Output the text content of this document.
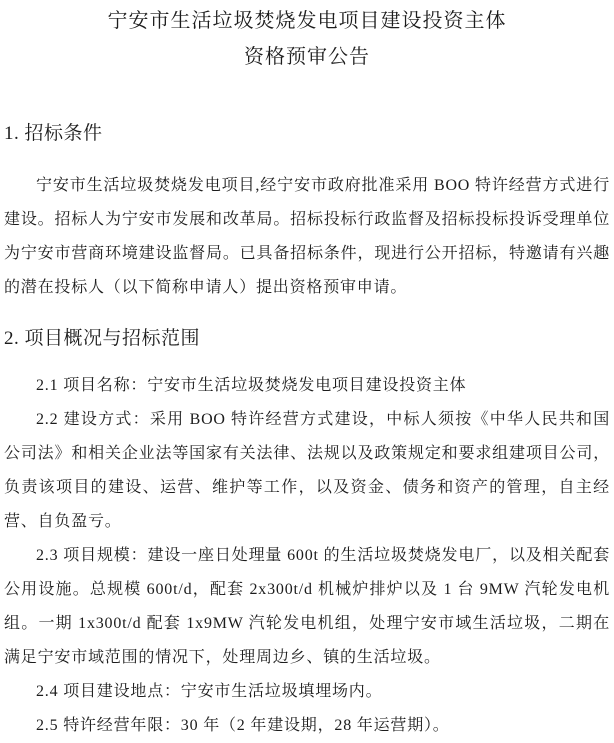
宁安市生活垃圾焚烧发电项目建设投资主体
资格预审公告
1. 招标条件

宁安市生活垃圾焚烧发电项目,经宁安市政府批准采用 BOO 特许经营方式进行建设。招标人为宁安市发展和改革局。招标投标行政监督及招标投标投诉受理单位为宁安市营商环境建设监督局。已具备招标条件，现进行公开招标，特邀请有兴趣的潜在投标人（以下简称申请人）提出资格预审申请。

2. 项目概况与招标范围

2.1 项目名称：宁安市生活垃圾焚烧发电项目建设投资主体

2.2 建设方式：采用 BOO 特许经营方式建设，中标人须按《中华人民共和国公司法》和相关企业法等国家有关法律、法规以及政策规定和要求组建项目公司，负责该项目的建设、运营、维护等工作，以及资金、债务和资产的管理，自主经营、自负盈亏。

2.3 项目规模：建设一座日处理量 600t 的生活垃圾焚烧发电厂，以及相关配套公用设施。总规模 600t/d，配套 2x300t/d 机械炉排炉以及 1 台 9MW 汽轮发电机组。一期 1x300t/d 配套 1x9MW 汽轮发电机组，处理宁安市域生活垃圾，二期在满足宁安市域范围的情况下，处理周边乡、镇的生活垃圾。

2.4 项目建设地点：宁安市生活垃圾填埋场内。

2.5 特许经营年限：30 年（2 年建设期，28 年运营期）。
